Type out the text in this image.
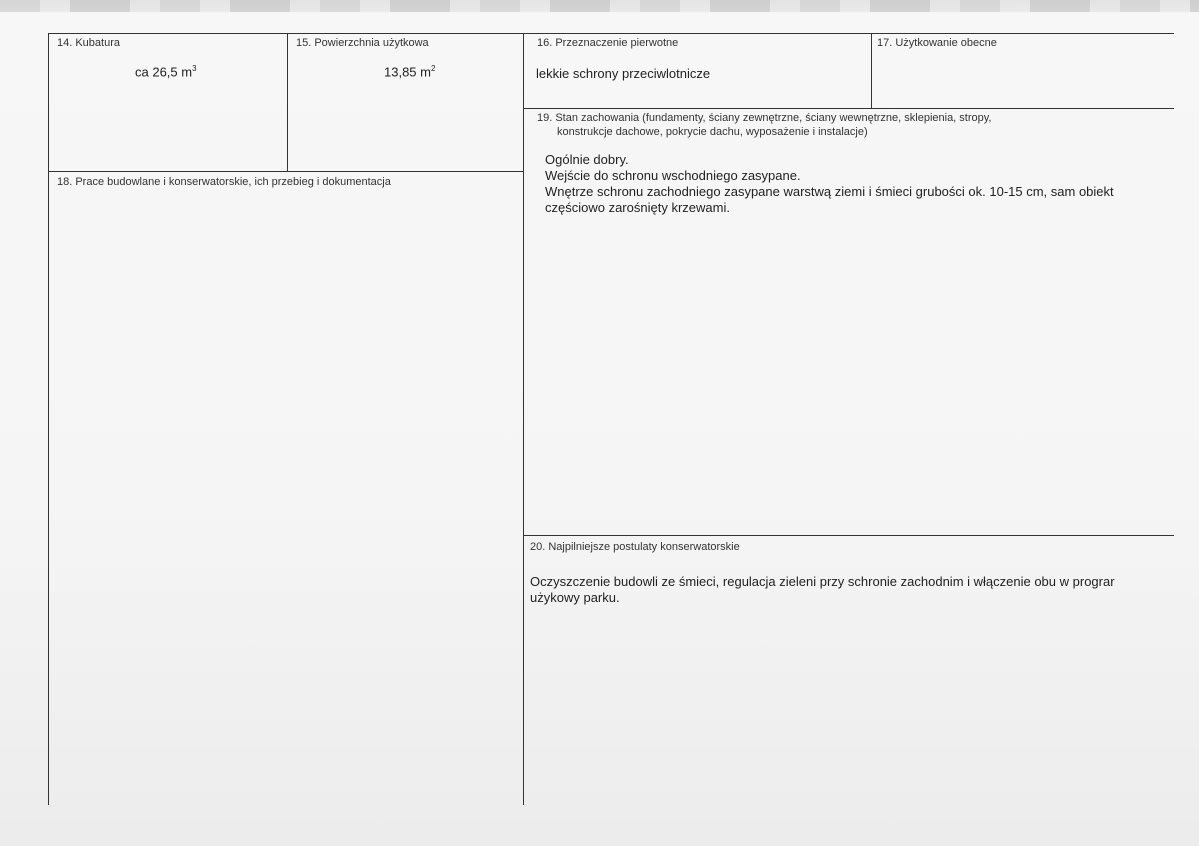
14. Kubatura
ca 26,5 $m^3$
15. Powierzchnia użytkowa
13,85 $m^2$
16. Przeznaczenie pierwotne
lekkie schrony przeciwlotnicze
17. Użytkowanie obecne
18. Prace budowlane i konserwatorskie, ich przebieg i dokumentacja
19. Stan zachowania (fundamenty, ściany zewnętrzne, ściany wewnętrzne, sklepienia, stropy,
konstrukcje dachowe, pokrycie dachu, wyposażenie i instalacje)
Ogólnie dobry.
Wejście do schronu wschodniego zasypane.
Wnętrze schronu zachodniego zasypane warstwą ziemi i śmieci grubości ok. 10-15 cm, sam obiekt
częściowo zarośnięty krzewami.
20. Najpilniejsze postulaty konserwatorskie
Oczyszczenie budowli ze śmieci, regulacja zieleni przy schronie zachodnim i włączenie obu w prograr
użykowy parku.
